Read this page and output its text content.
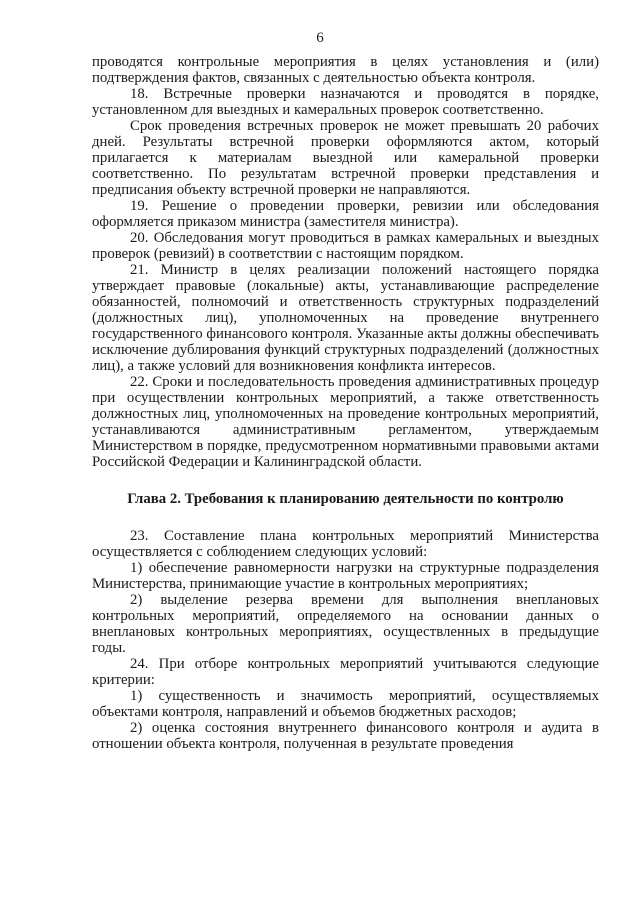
6

проводятся контрольные мероприятия в целях установления и (или) подтверждения фактов, связанных с деятельностью объекта контроля.

18. Встречные проверки назначаются и проводятся в порядке, установленном для выездных и камеральных проверок соответственно.

Срок проведения встречных проверок не может превышать 20 рабочих дней. Результаты встречной проверки оформляются актом, который прилагается к материалам выездной или камеральной проверки соответственно. По результатам встречной проверки представления и предписания объекту встречной проверки не направляются.

19. Решение о проведении проверки, ревизии или обследования оформляется приказом министра (заместителя министра).

20. Обследования могут проводиться в рамках камеральных и выездных проверок (ревизий) в соответствии с настоящим порядком.

21. Министр в целях реализации положений настоящего порядка утверждает правовые (локальные) акты, устанавливающие распределение обязанностей, полномочий и ответственность структурных подразделений (должностных лиц), уполномоченных на проведение внутреннего государственного финансового контроля. Указанные акты должны обеспечивать исключение дублирования функций структурных подразделений (должностных лиц), а также условий для возникновения конфликта интересов.

22. Сроки и последовательность проведения административных процедур при осуществлении контрольных мероприятий, а также ответственность должностных лиц, уполномоченных на проведение контрольных мероприятий, устанавливаются административным регламентом, утверждаемым Министерством в порядке, предусмотренном нормативными правовыми актами Российской Федерации и Калининградской области.

Глава 2. Требования к планированию деятельности по контролю

23. Составление плана контрольных мероприятий Министерства осуществляется с соблюдением следующих условий:

1) обеспечение равномерности нагрузки на структурные подразделения Министерства, принимающие участие в контрольных мероприятиях;

2) выделение резерва времени для выполнения внеплановых контрольных мероприятий, определяемого на основании данных о внеплановых контрольных мероприятиях, осуществленных в предыдущие годы.

24. При отборе контрольных мероприятий учитываются следующие критерии:

1) существенность и значимость мероприятий, осуществляемых объектами контроля, направлений и объемов бюджетных расходов;

2) оценка состояния внутреннего финансового контроля и аудита в отношении объекта контроля, полученная в результате проведения
